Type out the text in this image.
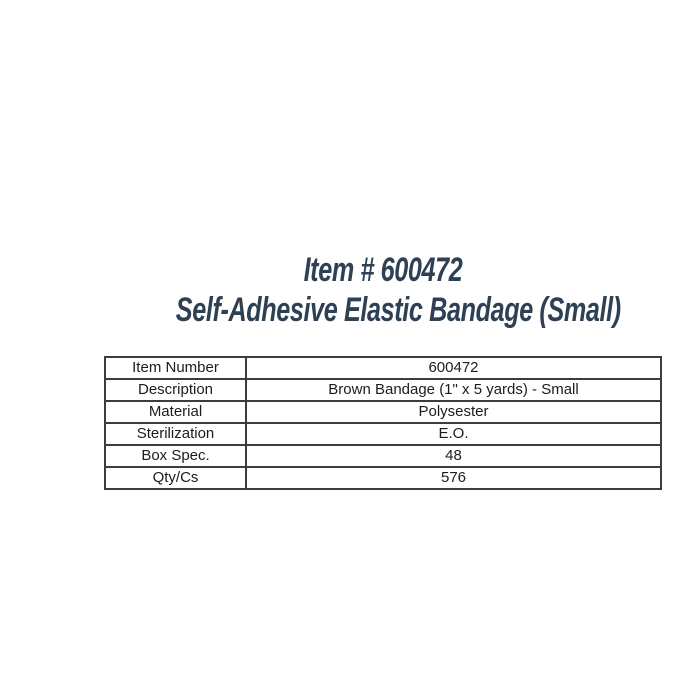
Item # 600472
Self-Adhesive Elastic Bandage (Small)
Item Number	600472
Description	Brown Bandage (1" x 5 yards) - Small
Material	Polysester
Sterilization	E.O.
Box Spec.	48
Qty/Cs	576
